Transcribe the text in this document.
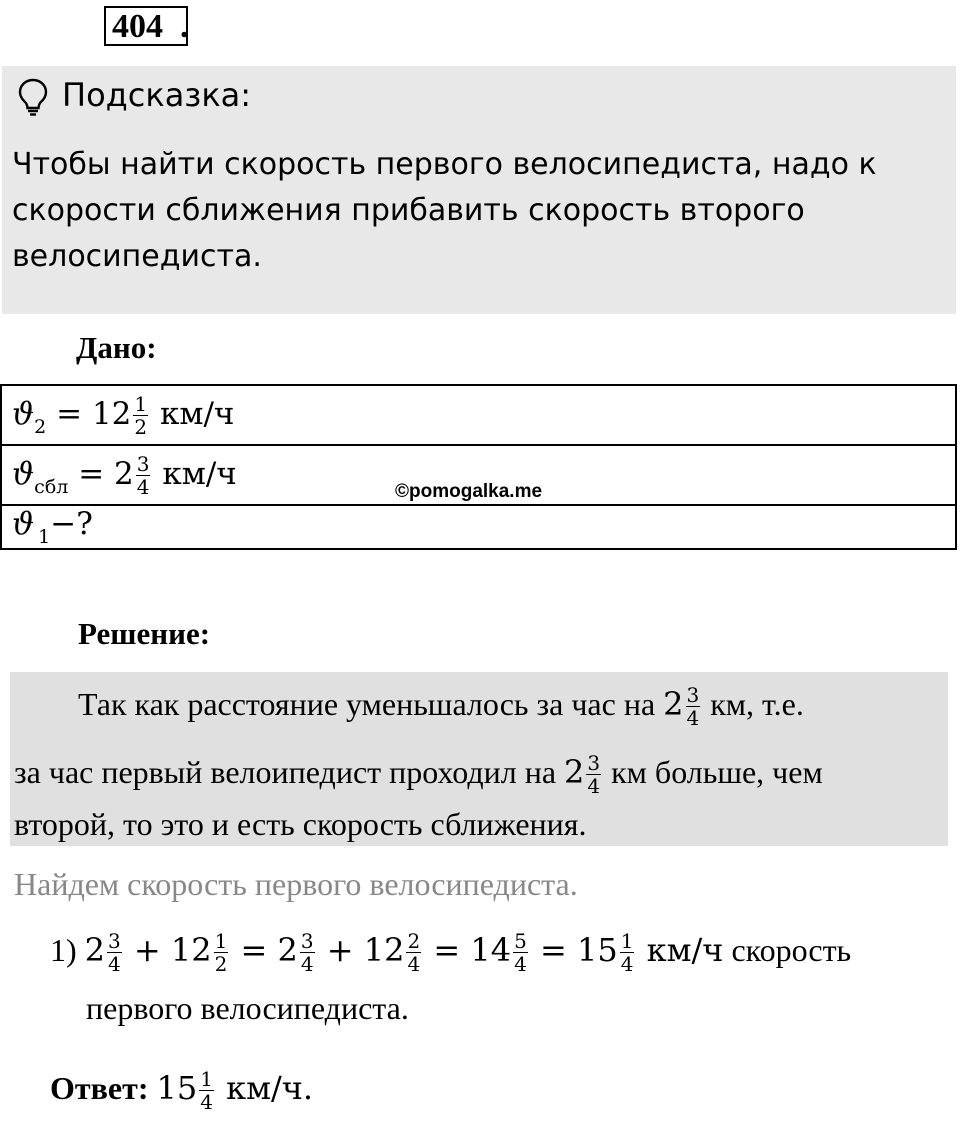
404 .
Подсказка:
Чтобы найти скорость первого велосипедиста, надо к
скорости сближения прибавить скорость второго
велосипедиста.
Дано:
$ϑ_2 = 12 \frac{1}{2} км/ч$
$ϑ_{сбл} = 2 \frac{3}{4} км/ч$
ϑ $_1$−?
©pomogalka.me
Решение:
Так как расстояние уменьшалось за час на $2 \frac{3}{4}$ км, т.е.
за час первый велоипедист проходил на $2 \frac{3}{4}$ км больше, чем
второй, то это и есть скорость сближения.
Найдем скорость первого велосипедиста.
1) $2 \frac{3}{4} + 12 \frac{1}{2} = 2 \frac{3}{4} + 12 \frac{2}{4} = 14 \frac{5}{4} = 15 \frac{1}{4} км/ч$ скорость
первого велосипедиста.
Ответ: $15 \frac{1}{4} км/ч$.
